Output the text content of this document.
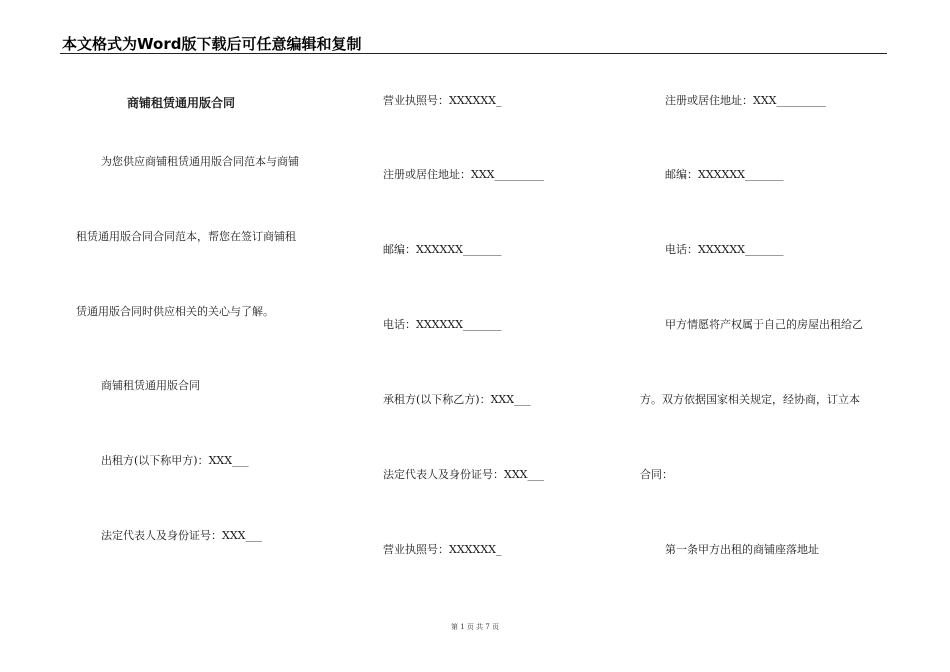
本文格式为Word版下载后可任意编辑和复制
商铺租赁通用版合同
为您供应商铺租赁通用版合同范本与商铺
租赁通用版合同合同范本，帮您在签订商铺租
赁通用版合同时供应相关的关心与了解。
商铺租赁通用版合同
出租方(以下称甲方)：XXX___
法定代表人及身份证号：XXX___
营业执照号：XXXXXX_
注册或居住地址：XXX_________
邮编：XXXXXX_______
电话：XXXXXX_______
承租方(以下称乙方)：XXX___
法定代表人及身份证号：XXX___
营业执照号：XXXXXX_
注册或居住地址：XXX_________
邮编：XXXXXX_______
电话：XXXXXX_______
甲方情愿将产权属于自己的房屋出租给乙
方。双方依据国家相关规定，经协商，订立本
合同：
第一条甲方出租的商铺座落地址
第 1 页 共 7 页
